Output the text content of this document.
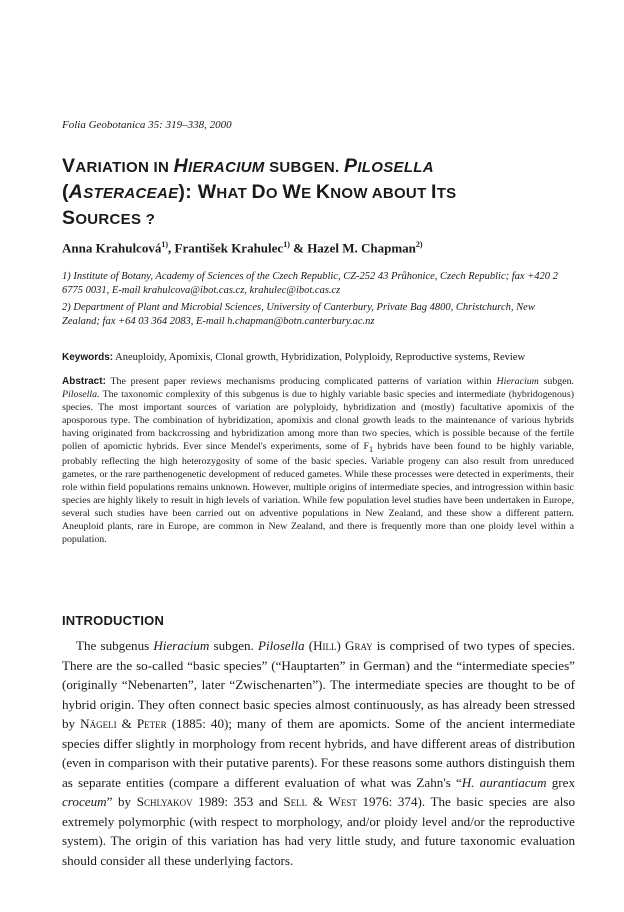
Folia Geobotanica 35: 319–338, 2000
VARIATION IN HIERACIUM SUBGEN. PILOSELLA
(ASTERACEAE): WHAT DO WE KNOW ABOUT ITS
SOURCES ?
Anna Krahulcová$^{1)}$, František Krahulec$^{1)}$ & Hazel M. Chapman$^{2)}$
1) Institute of Botany, Academy of Sciences of the Czech Republic, CZ-252 43 Průhonice, Czech Republic; fax +420 2 6775 0031, E-mail krahulcova@ibot.cas.cz, krahulec@ibot.cas.cz
2) Department of Plant and Microbial Sciences, University of Canterbury, Private Bag 4800, Christchurch, New Zealand; fax +64 03 364 2083, E-mail h.chapman@botn.canterbury.ac.nz
Keywords: Aneuploidy, Apomixis, Clonal growth, Hybridization, Polyploidy, Reproductive systems, Review
Abstract: The present paper reviews mechanisms producing complicated patterns of variation within Hieracium subgen. Pilosella. The taxonomic complexity of this subgenus is due to highly variable basic species and intermediate (hybridogenous) species. The most important sources of variation are polyploidy, hybridization and (mostly) facultative apomixis of the aposporous type. The combination of hybridization, apomixis and clonal growth leads to the maintenance of various hybrids having originated from backcrossing and hybridization among more than two species, which is possible because of the fertile pollen of apomictic hybrids. Ever since Mendel's experiments, some of $F_1$ hybrids have been found to be highly variable, probably reflecting the high heterozygosity of some of the basic species. Variable progeny can also result from unreduced gametes, or the rare parthenogenetic development of reduced gametes. While these processes were detected in experiments, their role within field populations remains unknown. However, multiple origins of intermediate species, and introgression within basic species are highly likely to result in high levels of variation. While few population level studies have been undertaken in Europe, several such studies have been carried out on adventive populations in New Zealand, and these show a different pattern. Aneuploid plants, rare in Europe, are common in New Zealand, and there is frequently more than one ploidy level within a population.
INTRODUCTION
The subgenus Hieracium subgen. Pilosella (Hill) Gray is comprised of two types of species. There are the so-called “basic species” (“Hauptarten” in German) and the “intermediate species” (originally “Nebenarten”, later “Zwischenarten”). The intermediate species are thought to be of hybrid origin. They often connect basic species almost continuously, as has already been stressed by Nägeli & Peter (1885: 40); many of them are apomicts. Some of the ancient intermediate species differ slightly in morphology from recent hybrids, and have different areas of distribution (even in comparison with their putative parents). For these reasons some authors distinguish them as separate entities (compare a different evaluation of what was Zahn's “H. aurantiacum grex croceum” by Schlyakov 1989: 353 and Sell & West 1976: 374). The basic species are also extremely polymorphic (with respect to morphology, and/or ploidy level and/or the reproductive system). The origin of this variation has had very little study, and future taxonomic evaluation should consider all these underlying factors.
